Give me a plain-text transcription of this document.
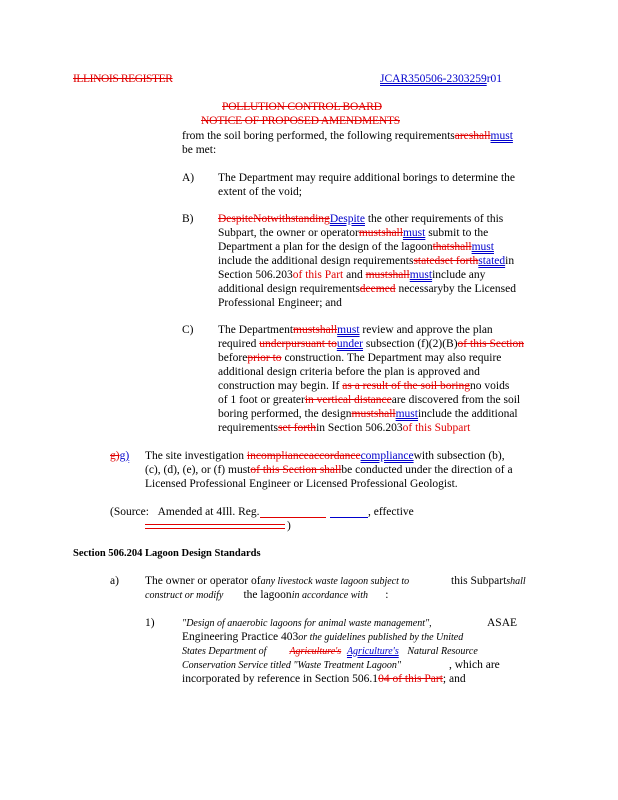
ILLINOIS REGISTER	JCAR350506-2303259r01
POLLUTION CONTROL BOARD
NOTICE OF PROPOSED AMENDMENTS
from the soil boring performed, the following requirementsareshallmust
be met:
A) The Department may require additional borings to determine the
extent of the void;
B) DespiteNotwithstandingDespite the other requirements of this
Subpart, the owner or operatormustshallmust submit to the
Department a plan for the design of the lagoonthatshallmust
include the additional design requirementsstatedset forthstatedin
Section 506.203of this Part and mustshallmustinclude any
additional design requirementsdeemed necessaryby the Licensed
Professional Engineer; and
C) The Departmentmustshallmust review and approve the plan
required underpursuant tounder subsection (f)(2)(B)of this Section
beforeprior to construction. The Department may also require
additional design criteria before the plan is approved and
construction may begin. If as a result of the soil boringno voids
of 1 foot or greaterin vertical distanceare discovered from the soil
boring performed, the designmustshallmustinclude the additional
requirementsset forthin Section 506.203of this Subpart
g)g) The site investigation incomplianceaccordancecompliancewith subsection (b),
(c), (d), (e), or (f) mustof this Section shallbe conducted under the direction of a
Licensed Professional Engineer or Licensed Professional Geologist.
(Source: Amended at 4Ill. Reg.	, effective
)
Section 506.204 Lagoon Design Standards
a) The owner or operator ofany livestock waste lagoon subject to	this Subpartshall
construct or modify the lagoonin accordance with :
1)	"Design of anaerobic lagoons for animal waste management",	ASAE
Engineering Practice 403or the guidelines published by the United
States Department of Agriculture's Agriculture's Natural Resource
Conservation Service titled "Waste Treatment Lagoon"	, which are
incorporated by reference in Section 506.104 of this Part; and
